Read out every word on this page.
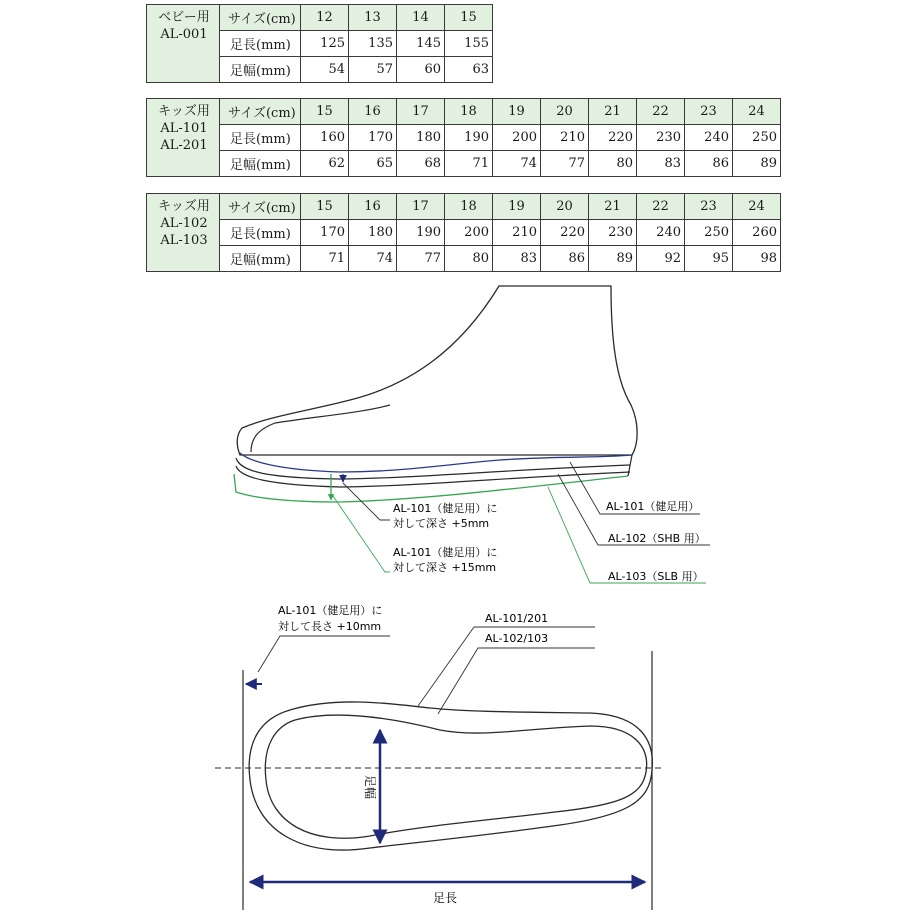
ベビー用
AL-001	サイズ(cm)	12	13	14	15
	足長(mm)	125	135	145	155
	足幅(mm)	54	57	60	63
キッズ用
AL-101
AL-201	サイズ(cm)	15	16	17	18	19	20	21	22	23	24
	足長(mm)	160	170	180	190	200	210	220	230	240	250
	足幅(mm)	62	65	68	71	74	77	80	83	86	89
キッズ用
AL-102
AL-103	サイズ(cm)	15	16	17	18	19	20	21	22	23	24
	足長(mm)	170	180	190	200	210	220	230	240	250	260
	足幅(mm)	71	74	77	80	83	86	89	92	95	98
AL-101（健足用）に
対して深さ +5mm
AL-101（健足用）に
対して深さ +15mm
AL-101（健足用）
AL-102（SHB 用）
AL-103（SLB 用）
AL-101（健足用）に
対して長さ +10mm
AL-101/201
AL-102/103
足幅
足長
